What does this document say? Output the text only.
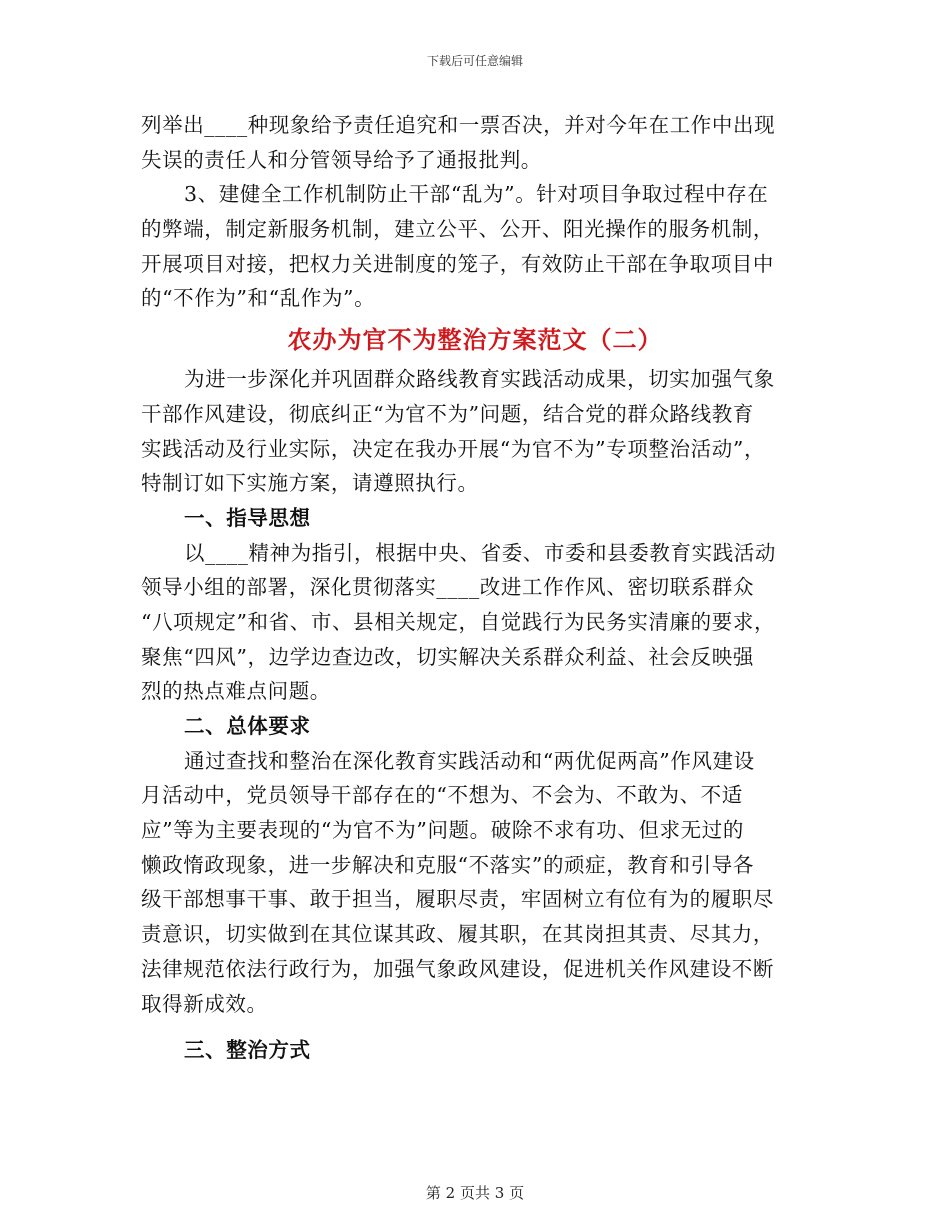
下载后可任意编辑
列举出____种现象给予责任追究和一票否决，并对今年在工作中出现
失误的责任人和分管领导给予了通报批判。
3、建健全工作机制防止干部“乱为”。针对项目争取过程中存在
的弊端，制定新服务机制，建立公平、公开、阳光操作的服务机制，
开展项目对接，把权力关进制度的笼子，有效防止干部在争取项目中
的“不作为”和“乱作为”。
农办为官不为整治方案范文（二）
为进一步深化并巩固群众路线教育实践活动成果，切实加强气象
干部作风建设，彻底纠正“为官不为”问题，结合党的群众路线教育
实践活动及行业实际，决定在我办开展“为官不为”专项整治活动”，
特制订如下实施方案，请遵照执行。
一、指导思想
以____精神为指引，根据中央、省委、市委和县委教育实践活动
领导小组的部署，深化贯彻落实____改进工作作风、密切联系群众
“八项规定”和省、市、县相关规定，自觉践行为民务实清廉的要求，
聚焦“四风”，边学边查边改，切实解决关系群众利益、社会反映强
烈的热点难点问题。
二、总体要求
通过查找和整治在深化教育实践活动和“两优促两高”作风建设
月活动中，党员领导干部存在的“不想为、不会为、不敢为、不适
应”等为主要表现的“为官不为”问题。破除不求有功、但求无过的
懒政惰政现象，进一步解决和克服“不落实”的顽症，教育和引导各
级干部想事干事、敢于担当，履职尽责，牢固树立有位有为的履职尽
责意识，切实做到在其位谋其政、履其职，在其岗担其责、尽其力，
法律规范依法行政行为，加强气象政风建设，促进机关作风建设不断
取得新成效。
三、整治方式
第 2 页共 3 页
